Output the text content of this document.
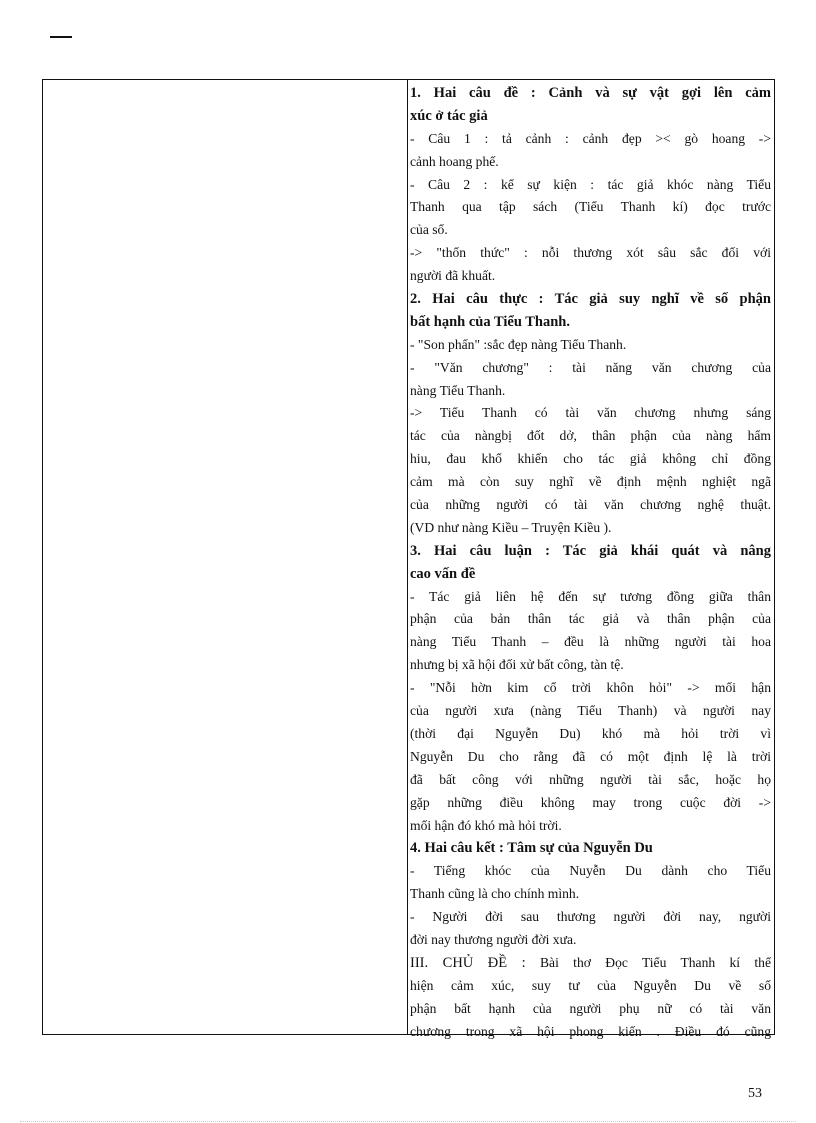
1. Hai câu đề : Cảnh và sự vật gợi lên cảm
xúc ở tác giả
- Câu 1 : tả cảnh : cảnh đẹp >< gò hoang ->
cảnh hoang phế.
- Câu 2 : kể sự kiện : tác giả khóc nàng Tiểu
Thanh qua tập sách (Tiểu Thanh kí) đọc trước
của sổ.
-> "thổn thức" : nỗi thương xót sâu sắc đối với
người đã khuất.
2. Hai câu thực : Tác giả suy nghĩ về số phận
bất hạnh của Tiểu Thanh.
- "Son phấn" :sắc đẹp nàng Tiểu Thanh.
- "Văn chương" : tài năng văn chương của
nàng Tiểu Thanh.
-> Tiểu Thanh có tài văn chương nhưng sáng
tác của nàngbị đốt dở, thân phận của nàng hẩm
hiu, đau khổ khiến cho tác giả không chỉ đồng
cảm mà còn suy nghĩ về định mệnh nghiệt ngã
của những người có tài văn chương nghệ thuật.
(VD như nàng Kiều – Truyện Kiều ).
3. Hai câu luận : Tác giả khái quát và nâng
cao vấn đề
- Tác giả liên hệ đến sự tương đồng giữa thân
phận của bản thân tác giả và thân phận của
nàng Tiểu Thanh – đều là những người tài hoa
nhưng bị xã hội đối xử bất công, tàn tệ.
- "Nỗi hờn kim cổ trời khôn hỏi" -> mối hận
của người xưa (nàng Tiểu Thanh) và người nay
(thời đại Nguyễn Du) khó mà hỏi trời vì
Nguyễn Du cho rằng đã có một định lệ là trời
đã bất công với những người tài sắc, hoặc họ
gặp những điều không may trong cuộc đời ->
mối hận đó khó mà hỏi trời.
4. Hai câu kết : Tâm sự của Nguyễn Du
- Tiếng khóc của Nuyễn Du dành cho Tiểu
Thanh cũng là cho chính mình.
- Người đời sau thương người đời nay, người
đời nay thương người đời xưa.
III. CHỦ ĐỀ : Bài thơ Đọc Tiểu Thanh kí thể
hiện cảm xúc, suy tư của Nguyễn Du về số
phận bất hạnh của người phụ nữ có tài văn
chương trong xã hội phong kiến . Điều đó cũng
53
